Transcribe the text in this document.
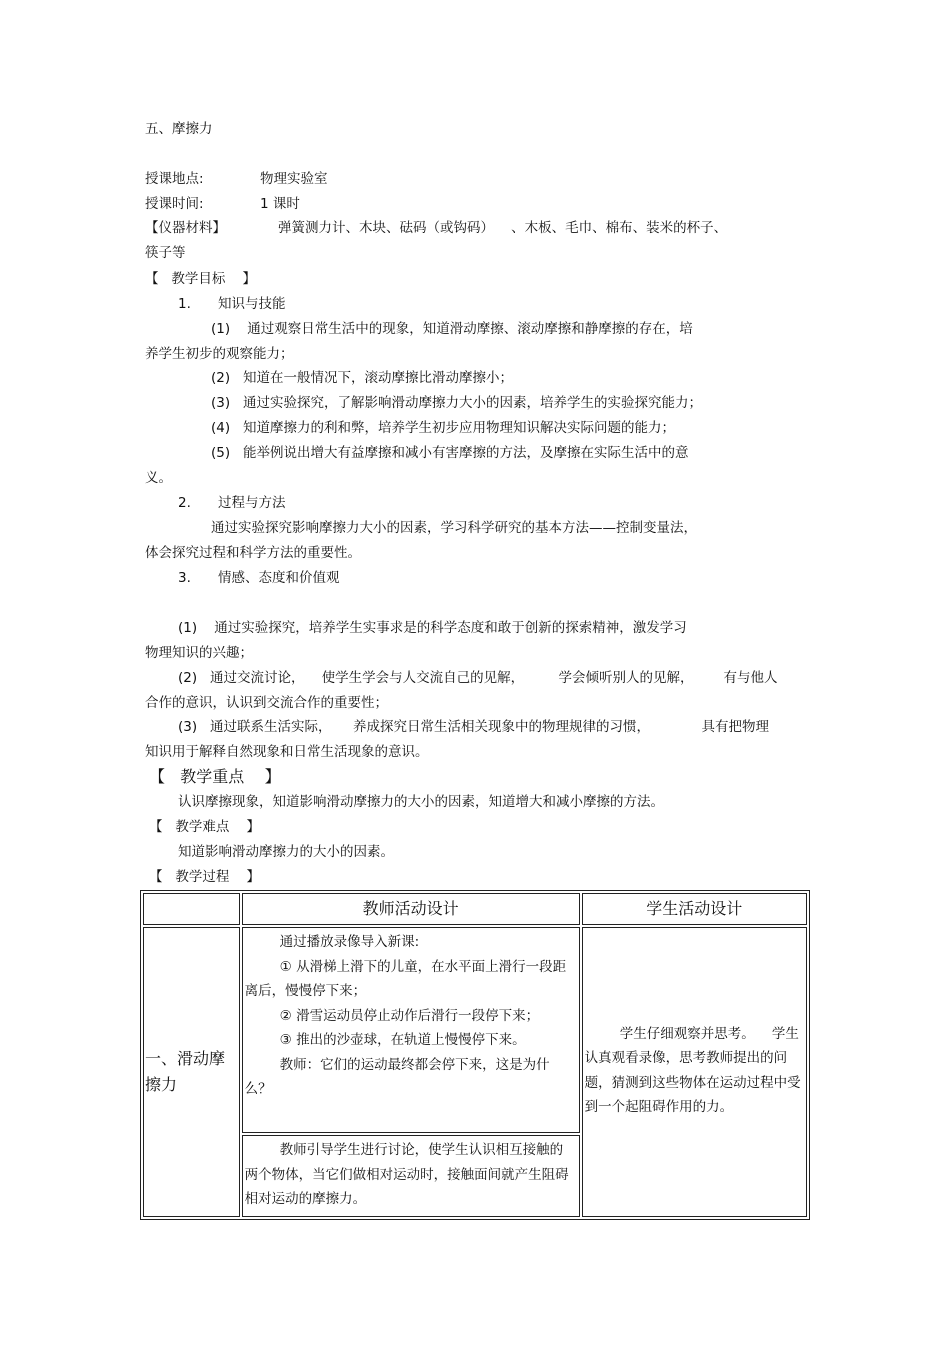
五、摩擦力
授课地点:	物理实验室
授课时间:	1 课时
【仪器材料】	弹簧测力计、木块、砝码（或钩码）    、木板、毛巾、棉布、装米的杯子、
筷子等
【   教学目标    】
1. 知识与技能
(1)    通过观察日常生活中的现象，知道滑动摩擦、滚动摩擦和静摩擦的存在，培
养学生初步的观察能力；
(2)   知道在一般情况下，滚动摩擦比滑动摩擦小；
(3)   通过实验探究，了解影响滑动摩擦力大小的因素，培养学生的实验探究能力；
(4)   知道摩擦力的利和弊，培养学生初步应用物理知识解决实际问题的能力；
(5)   能举例说出增大有益摩擦和减小有害摩擦的方法，及摩擦在实际生活中的意
义。
2. 过程与方法
通过实验探究影响摩擦力大小的因素，学习科学研究的基本方法——控制变量法，
体会探究过程和科学方法的重要性。
3. 情感、态度和价值观
(1)    通过实验探究，培养学生实事求是的科学态度和敢于创新的探索精神，激发学习
物理知识的兴趣；
(2)   通过交流讨论，    使学生学会与人交流自己的见解，        学会倾听别人的见解，       有与他人
合作的意识，认识到交流合作的重要性；
(3)   通过联系生活实际，     养成探究日常生活相关现象中的物理规律的习惯，            具有把物理
知识用于解释自然现象和日常生活现象的意识。
【   教学重点    】
认识摩擦现象，知道影响滑动摩擦力的大小的因素，知道增大和减小摩擦的方法。
【   教学难点    】
知道影响滑动摩擦力的大小的因素。
【   教学过程    】
	教师活动设计	学生活动设计

一、滑动摩擦力	通过播放录像导入新课:

① 从滑梯上滑下的儿童，在水平面上滑行一段距离后，慢慢停下来；

② 滑雪运动员停止动作后滑行一段停下来；

③ 推出的沙壶球，在轨道上慢慢停下来。

教师：它们的运动最终都会停下来，这是为什么？	学生仔细观察并思考。    学生认真观看录像，思考教师提出的问题，猜测到这些物体在运动过程中受到一个起阻碍作用的力。

	教师引导学生进行讨论，使学生认识相互接触的两个物体，当它们做相对运动时，接触面间就产生阻碍相对运动的摩擦力。	
